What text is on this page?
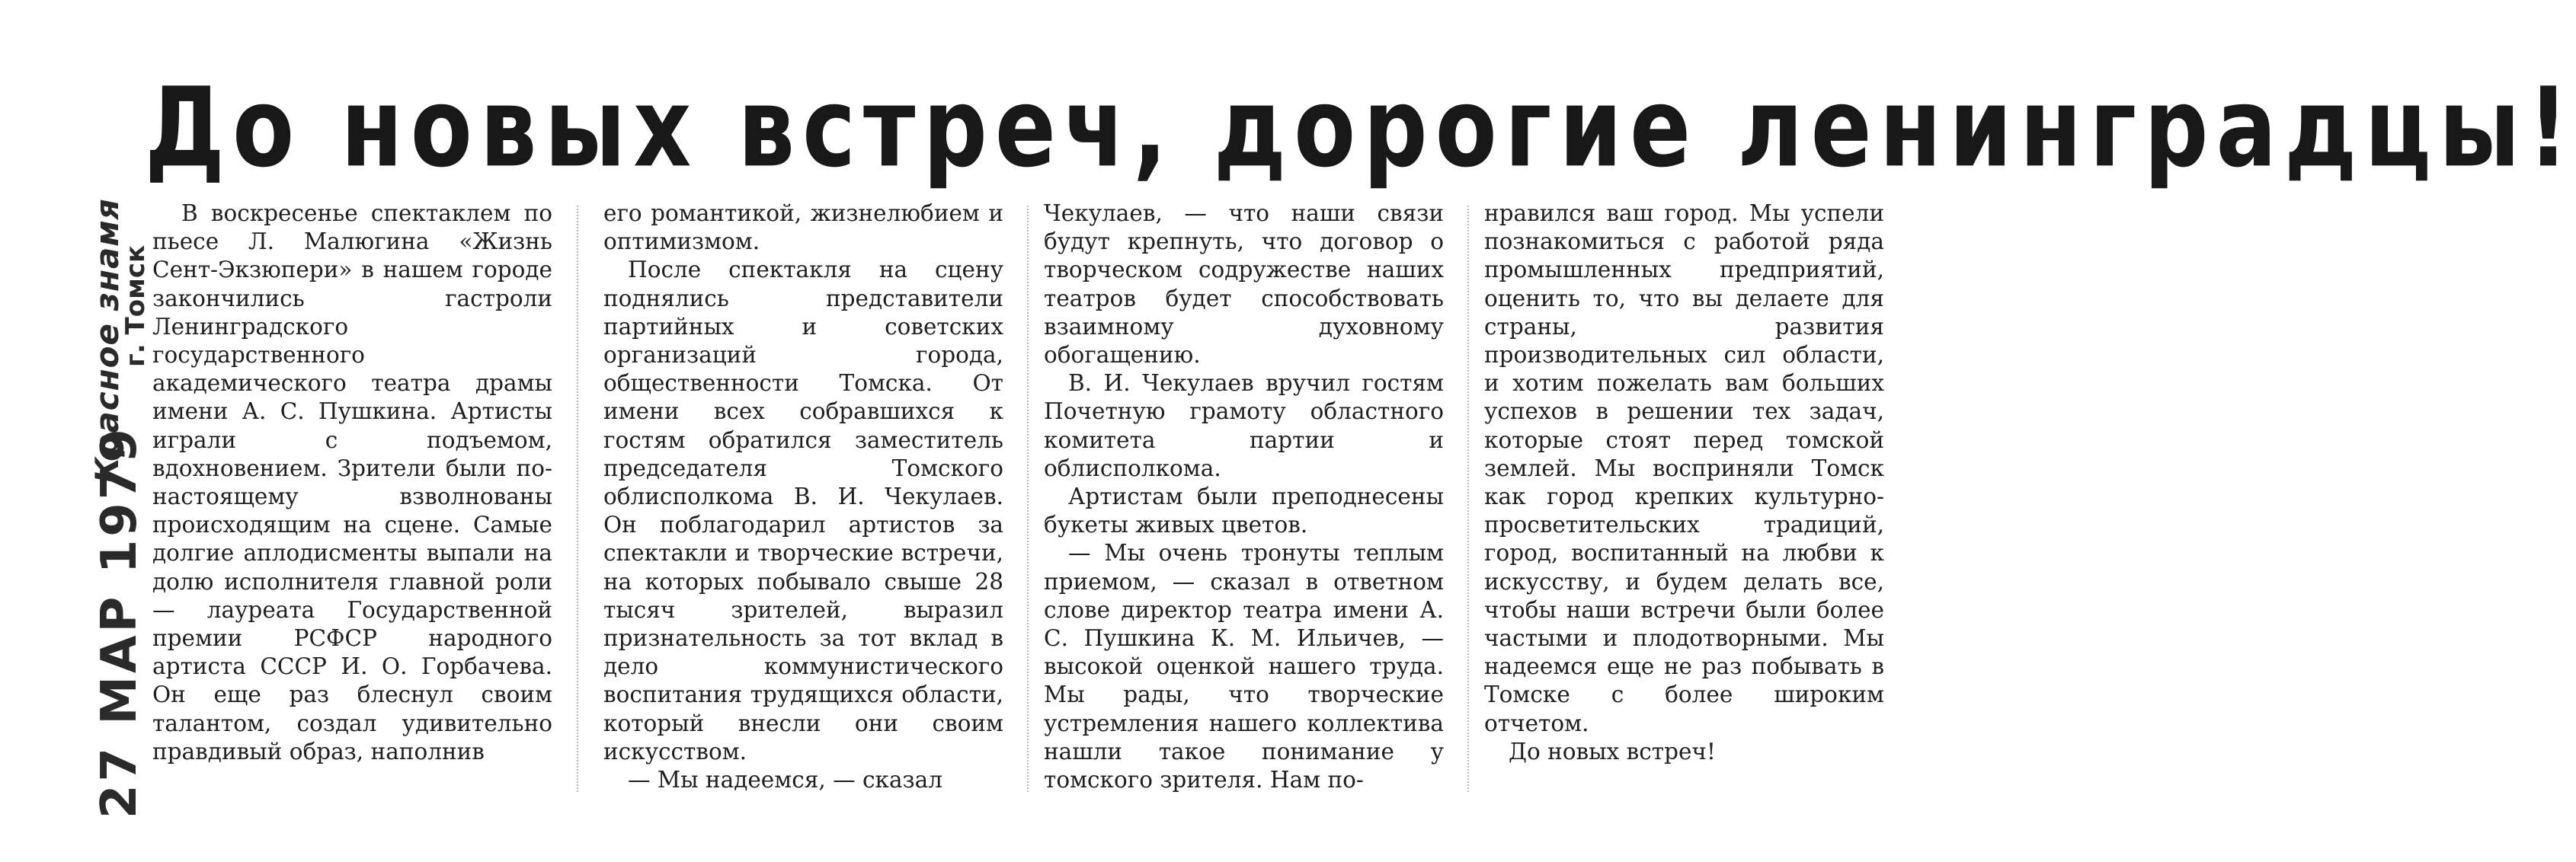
До новых встреч, дорогие ленинградцы!
Красное знамя
г. Томск
27 МАР 1979

В воскресенье спектаклем по пьесе Л. Малюгина «Жизнь Сент-Экзюпери» в нашем городе закончились гастроли Ленинградского государственного академического театра драмы имени А. С. Пушкина. Артисты играли с подъемом, вдохновением. Зрители были по-настоящему взволнованы происходящим на сцене. Самые долгие аплодисменты выпали на долю исполнителя главной роли — лауреата Государственной премии РСФСР народного артиста СССР И. О. Горбачева. Он еще раз блеснул своим талантом, создал удивительно правдивый образ, наполнив

его романтикой, жизнелюбием и оптимизмом.

После спектакля на сцену поднялись представители партийных и советских организаций города, общественности Томска. От имени всех собравшихся к гостям обратился заместитель председателя Томского облисполкома В. И. Чекулаев. Он поблагодарил артистов за спектакли и творческие встречи, на которых побывало свыше 28 тысяч зрителей, выразил признательность за тот вклад в дело коммунистического воспитания трудящихся области, который внесли они своим искусством.

— Мы надеемся, — сказал

Чекулаев, — что наши связи будут крепнуть, что договор о творческом содружестве наших театров будет способствовать взаимному духовному обогащению.

В. И. Чекулаев вручил гостям Почетную грамоту областного комитета партии и облисполкома.

Артистам были преподнесены букеты живых цветов.

— Мы очень тронуты теплым приемом, — сказал в ответном слове директор театра имени А. С. Пушкина К. М. Ильичев, — высокой оценкой нашего труда. Мы рады, что творческие устремления нашего коллектива нашли такое понимание у томского зрителя. Нам по-

нравился ваш город. Мы успели познакомиться с работой ряда промышленных предприятий, оценить то, что вы делаете для страны, развития производительных сил области, и хотим пожелать вам больших успехов в решении тех задач, которые стоят перед томской землей. Мы восприняли Томск как город крепких культурно-просветительских традиций, город, воспитанный на любви к искусству, и будем делать все, чтобы наши встречи были более частыми и плодотворными. Мы надеемся еще не раз побывать в Томске с более широким отчетом.

До новых встреч!
